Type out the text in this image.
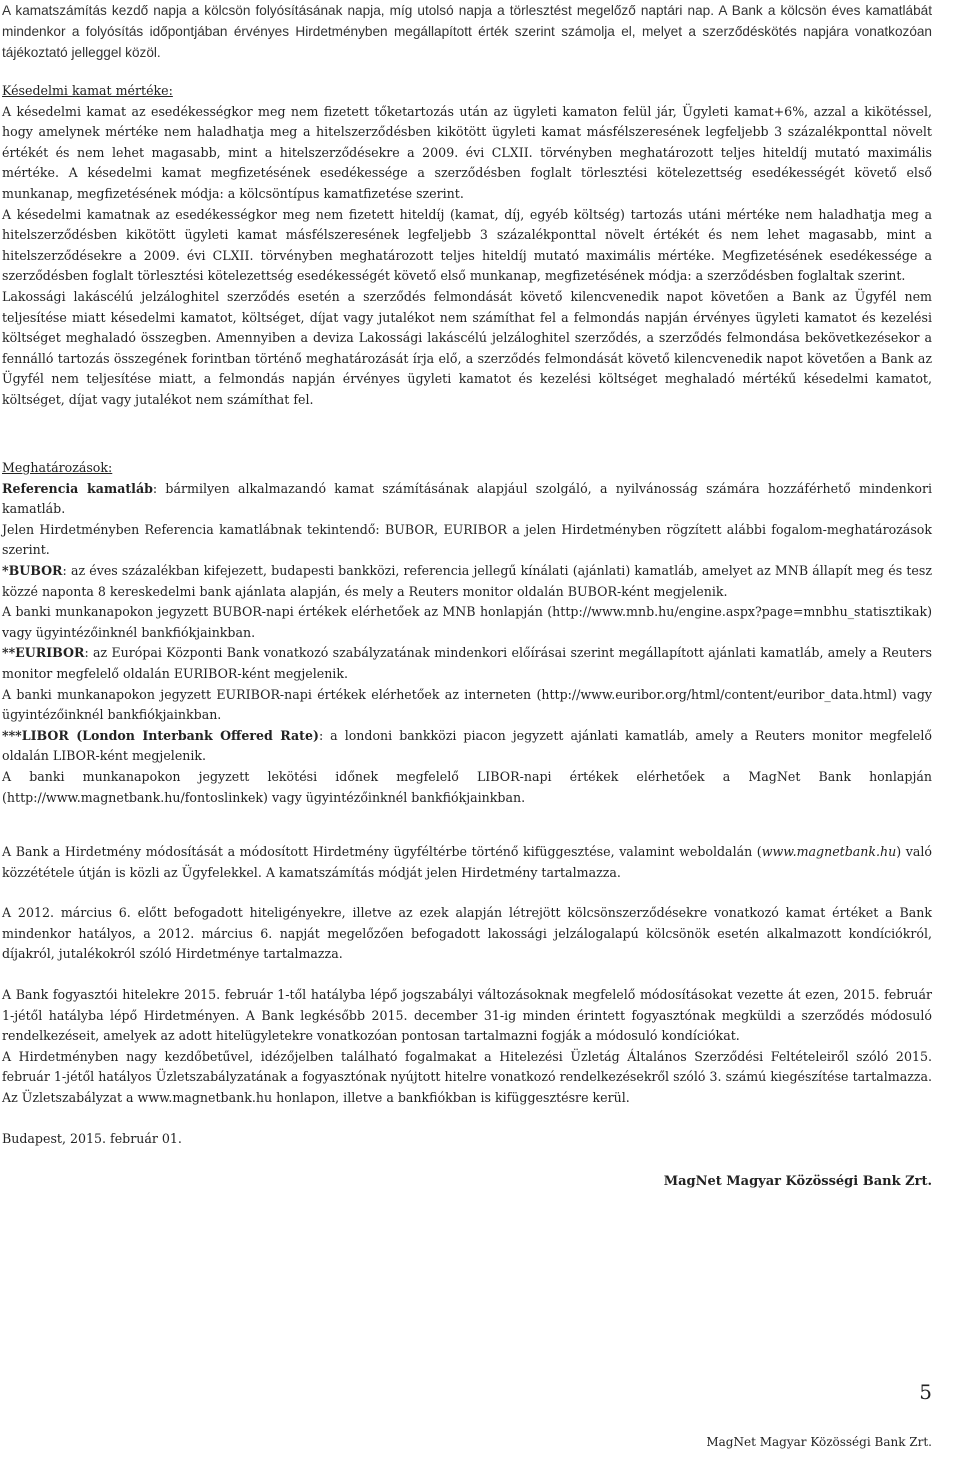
A kamatszámítás kezdő napja a kölcsön folyósításának napja, míg utolsó napja a törlesztést megelőző naptári nap. A Bank a kölcsön éves kamatlábát mindenkor a folyósítás időpontjában érvényes Hirdetményben megállapított érték szerint számolja el, melyet a szerződéskötés napjára vonatkozóan tájékoztató jelleggel közöl.

Késedelmi kamat mértéke:

A késedelmi kamat az esedékességkor meg nem fizetett tőketartozás után az ügyleti kamaton felül jár, Ügyleti kamat+6%, azzal a kikötéssel, hogy amelynek mértéke nem haladhatja meg a hitelszerződésben kikötött ügyleti kamat másfélszeresének legfeljebb 3 százalékponttal növelt értékét és nem lehet magasabb, mint a hitelszerződésekre a 2009. évi CLXII. törvényben meghatározott teljes hiteldíj mutató maximális mértéke. A késedelmi kamat megfizetésének esedékessége a szerződésben foglalt törlesztési kötelezettség esedékességét követő első munkanap, megfizetésének módja: a kölcsöntípus kamatfizetése szerint.

A késedelmi kamatnak az esedékességkor meg nem fizetett hiteldíj (kamat, díj, egyéb költség) tartozás utáni mértéke nem haladhatja meg a hitelszerződésben kikötött ügyleti kamat másfélszeresének legfeljebb 3 százalékponttal növelt értékét és nem lehet magasabb, mint a hitelszerződésekre a 2009. évi CLXII. törvényben meghatározott teljes hiteldíj mutató maximális mértéke. Megfizetésének esedékessége a szerződésben foglalt törlesztési kötelezettség esedékességét követő első munkanap, megfizetésének módja: a szerződésben foglaltak szerint.

Lakossági lakáscélú jelzáloghitel szerződés esetén a szerződés felmondását követő kilencvenedik napot követően a Bank az Ügyfél nem teljesítése miatt késedelmi kamatot, költséget, díjat vagy jutalékot nem számíthat fel a felmondás napján érvényes ügyleti kamatot és kezelési költséget meghaladó összegben. Amennyiben a deviza Lakossági lakáscélú jelzáloghitel szerződés, a szerződés felmondása bekövetkezésekor a fennálló tartozás összegének forintban történő meghatározását írja elő, a szerződés felmondását követő kilencvenedik napot követően a Bank az Ügyfél nem teljesítése miatt, a felmondás napján érvényes ügyleti kamatot és kezelési költséget meghaladó mértékű késedelmi kamatot, költséget, díjat vagy jutalékot nem számíthat fel.

Meghatározások:

Referencia kamatláb: bármilyen alkalmazandó kamat számításának alapjául szolgáló, a nyilvánosság számára hozzáférhető mindenkori kamatláb.

Jelen Hirdetményben Referencia kamatlábnak tekintendő: BUBOR, EURIBOR a jelen Hirdetményben rögzített alábbi fogalom-meghatározások szerint.

*BUBOR: az éves százalékban kifejezett, budapesti bankközi, referencia jellegű kínálati (ajánlati) kamatláb, amelyet az MNB állapít meg és tesz közzé naponta 8 kereskedelmi bank ajánlata alapján, és mely a Reuters monitor oldalán BUBOR-ként megjelenik.

A banki munkanapokon jegyzett BUBOR-napi értékek elérhetőek az MNB honlapján (http://www.mnb.hu/engine.aspx?page=mnbhu_statisztikak) vagy ügyintézőinknél bankfiókjainkban.

**EURIBOR: az Európai Központi Bank vonatkozó szabályzatának mindenkori előírásai szerint megállapított ajánlati kamatláb, amely a Reuters monitor megfelelő oldalán EURIBOR-ként megjelenik.

A banki munkanapokon jegyzett EURIBOR-napi értékek elérhetőek az interneten (http://www.euribor.org/html/content/euribor_data.html) vagy ügyintézőinknél bankfiókjainkban.

***LIBOR (London Interbank Offered Rate): a londoni bankközi piacon jegyzett ajánlati kamatláb, amely a Reuters monitor megfelelő oldalán LIBOR-ként megjelenik.

A banki munkanapokon jegyzett lekötési időnek megfelelő LIBOR-napi értékek elérhetőek a MagNet Bank honlapján (http://www.magnetbank.hu/fontoslinkek) vagy ügyintézőinknél bankfiókjainkban.

A Bank a Hirdetmény módosítását a módosított Hirdetmény ügyféltérbe történő kifüggesztése, valamint weboldalán (www.magnetbank.hu) való közzététele útján is közli az Ügyfelekkel. A kamatszámítás módját jelen Hirdetmény tartalmazza.

A 2012. március 6. előtt befogadott hiteligényekre, illetve az ezek alapján létrejött kölcsönszerződésekre vonatkozó kamat értéket a Bank mindenkor hatályos, a 2012. március 6. napját megelőzően befogadott lakossági jelzálogalapú kölcsönök esetén alkalmazott kondíciókról, díjakról, jutalékokról szóló Hirdetménye tartalmazza.

A Bank fogyasztói hitelekre 2015. február 1-től hatályba lépő jogszabályi változásoknak megfelelő módosításokat vezette át ezen, 2015. február 1-jétől hatályba lépő Hirdetményen. A Bank legkésőbb 2015. december 31-ig minden érintett fogyasztónak megküldi a szerződés módosuló rendelkezéseit, amelyek az adott hitelügyletekre vonatkozóan pontosan tartalmazni fogják a módosuló kondíciókat.

A Hirdetményben nagy kezdőbetűvel, idézőjelben található fogalmakat a Hitelezési Üzletág Általános Szerződési Feltételeiről szóló 2015. február 1-jétől hatályos Üzletszabályzatának a fogyasztónak nyújtott hitelre vonatkozó rendelkezésekről szóló 3. számú kiegészítése tartalmazza. Az Üzletszabályzat a www.magnetbank.hu honlapon, illetve a bankfiókban is kifüggesztésre kerül.

Budapest, 2015. február 01.

MagNet Magyar Közösségi Bank Zrt.
5
MagNet Magyar Közösségi Bank Zrt.
